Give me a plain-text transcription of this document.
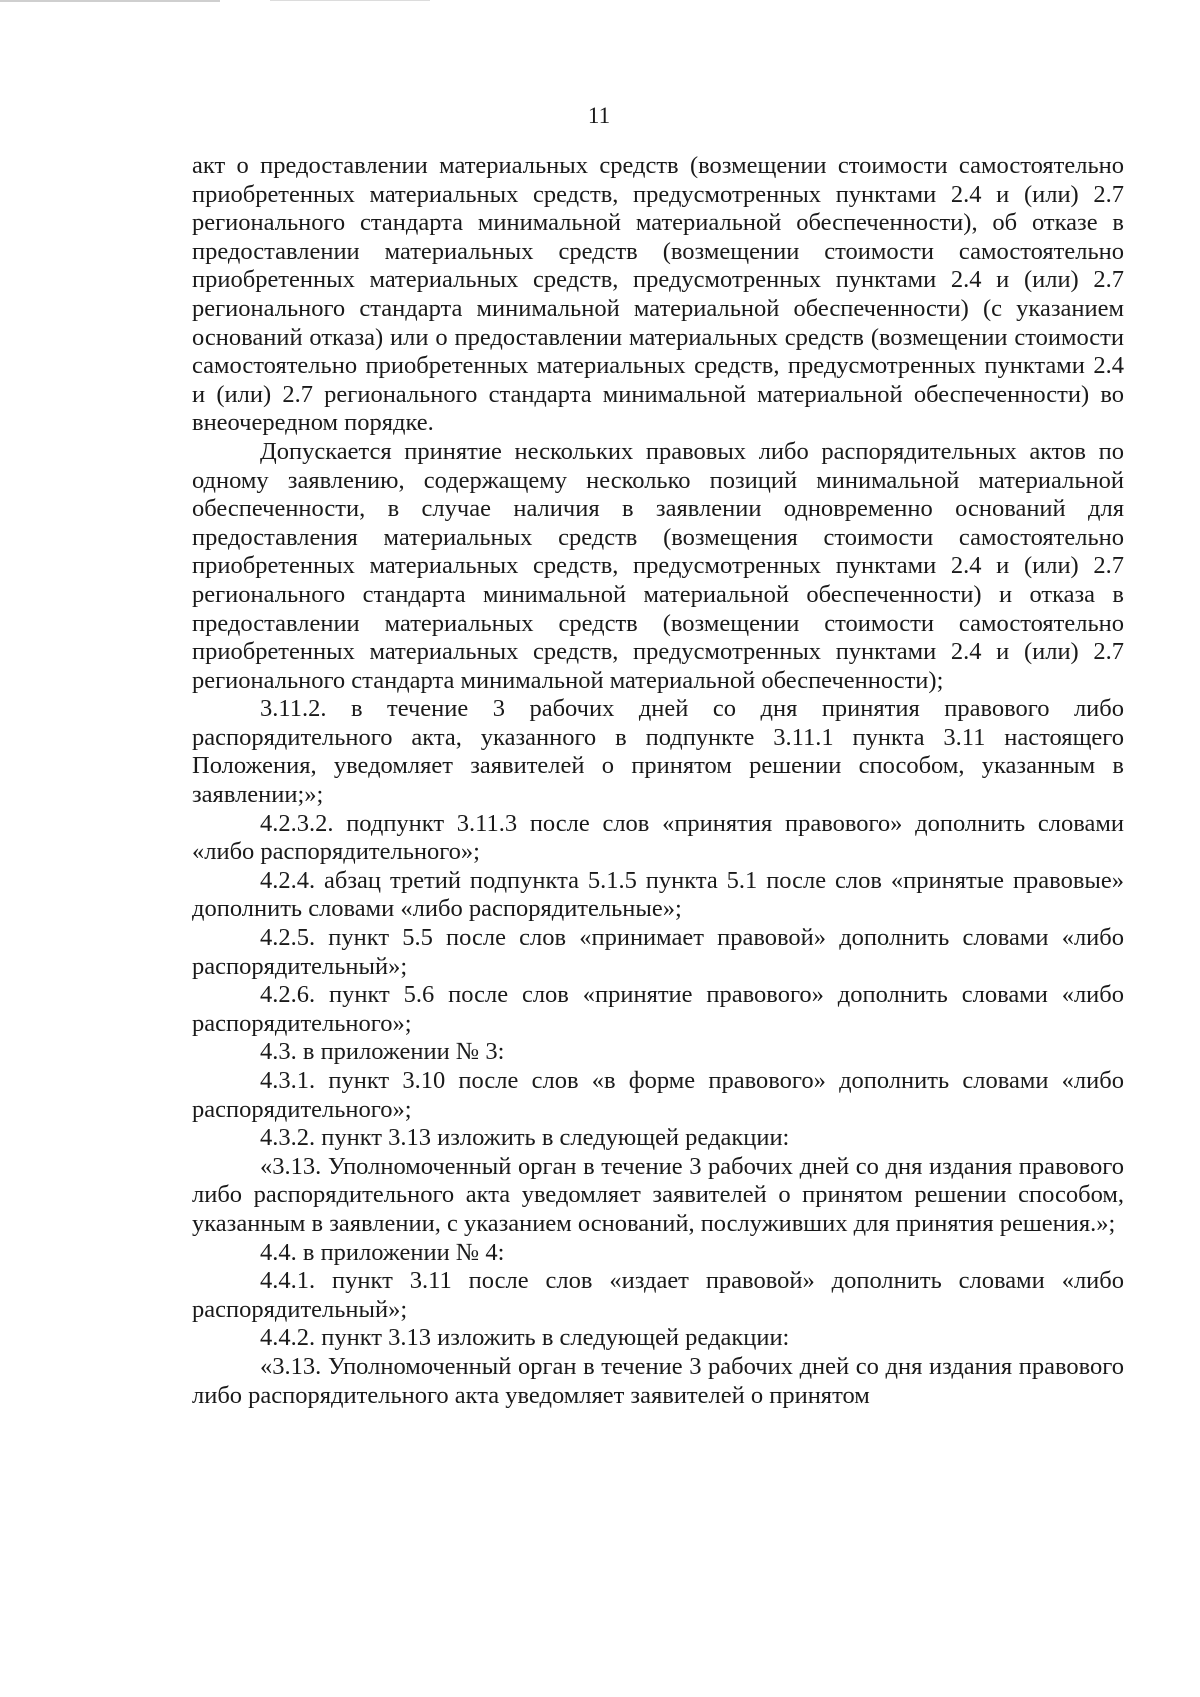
11

акт о предоставлении материальных средств (возмещении стоимости самостоятельно приобретенных материальных средств, предусмотренных пунктами 2.4 и (или) 2.7 регионального стандарта минимальной материальной обеспеченности), об отказе в предоставлении материальных средств (возмещении стоимости самостоятельно приобретенных материальных средств, предусмотренных пунктами 2.4 и (или) 2.7 регионального стандарта минимальной материальной обеспеченности) (с указанием оснований отказа) или о предоставлении материальных средств (возмещении стоимости самостоятельно приобретенных материальных средств, предусмотренных пунктами 2.4 и (или) 2.7 регионального стандарта минимальной материальной обеспеченности) во внеочередном порядке.

Допускается принятие нескольких правовых либо распорядительных актов по одному заявлению, содержащему несколько позиций минимальной материальной обеспеченности, в случае наличия в заявлении одновременно оснований для предоставления материальных средств (возмещения стоимости самостоятельно приобретенных материальных средств, предусмотренных пунктами 2.4 и (или) 2.7 регионального стандарта минимальной материальной обеспеченности) и отказа в предоставлении материальных средств (возмещении стоимости самостоятельно приобретенных материальных средств, предусмотренных пунктами 2.4 и (или) 2.7 регионального стандарта минимальной материальной обеспеченности);

3.11.2. в течение 3 рабочих дней со дня принятия правового либо распорядительного акта, указанного в подпункте 3.11.1 пункта 3.11 настоящего Положения, уведомляет заявителей о принятом решении способом, указанным в заявлении;»;

4.2.3.2. подпункт 3.11.3 после слов «принятия правового» дополнить словами «либо распорядительного»;

4.2.4. абзац третий подпункта 5.1.5 пункта 5.1 после слов «принятые правовые» дополнить словами «либо распорядительные»;

4.2.5. пункт 5.5 после слов «принимает правовой» дополнить словами «либо распорядительный»;

4.2.6. пункт 5.6 после слов «принятие правового» дополнить словами «либо распорядительного»;

4.3. в приложении № 3:

4.3.1. пункт 3.10 после слов «в форме правового» дополнить словами «либо распорядительного»;

4.3.2. пункт 3.13 изложить в следующей редакции:

«3.13. Уполномоченный орган в течение 3 рабочих дней со дня издания правового либо распорядительного акта уведомляет заявителей о принятом решении способом, указанным в заявлении, с указанием оснований, послуживших для принятия решения.»;

4.4. в приложении № 4:

4.4.1. пункт 3.11 после слов «издает правовой» дополнить словами «либо распорядительный»;

4.4.2. пункт 3.13 изложить в следующей редакции:

«3.13. Уполномоченный орган в течение 3 рабочих дней со дня издания правового либо распорядительного акта уведомляет заявителей о принятом
